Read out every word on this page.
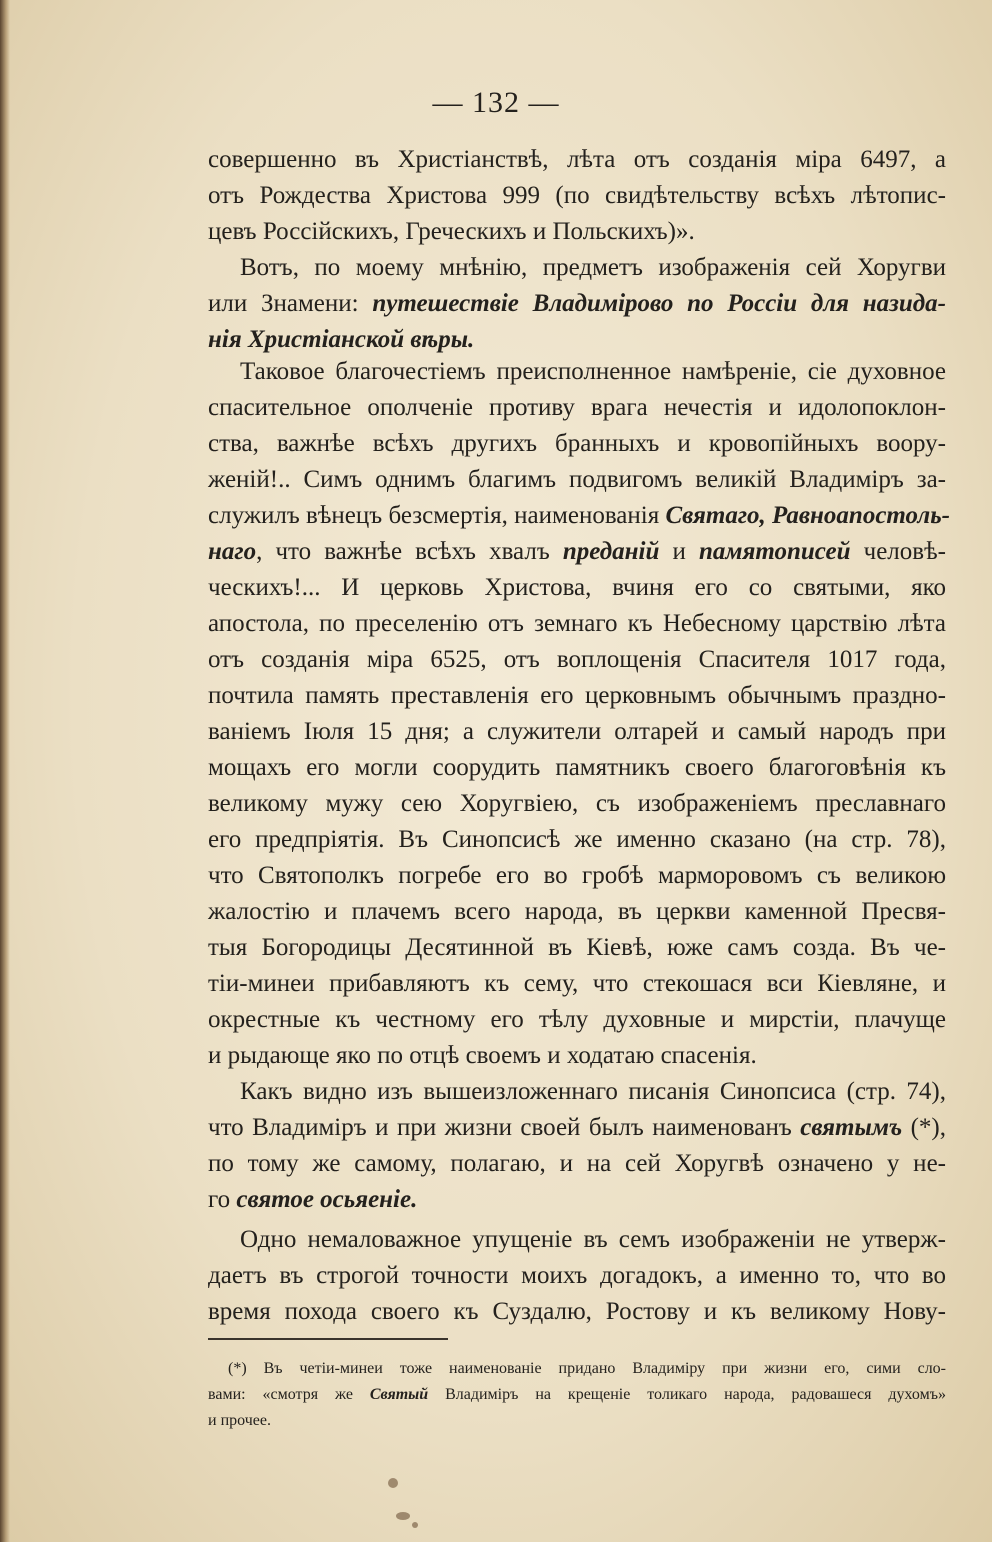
— 132 —
совершенно въ Христіанствѣ, лѣта отъ созданія міра 6497, а
отъ Рождества Христова 999 (по свидѣтельству всѣхъ лѣтопис-
цевъ Россійскихъ, Греческихъ и Польскихъ)».
Вотъ, по моему мнѣнію, предметъ изображенія сей Хоругви
или Знамени: путешествіе Владимірово по Россіи для назида-
нія Христіанской вѣры.
Таковое благочестіемъ преисполненное намѣреніе, сіе духовное
спасительное ополченіе противу врага нечестія и идолопоклон-
ства, важнѣе всѣхъ другихъ бранныхъ и кровопійныхъ воору-
женій!.. Симъ однимъ благимъ подвигомъ великій Владиміръ за-
служилъ вѣнецъ безсмертія, наименованія Святаго, Равноапостоль-
наго, что важнѣе всѣхъ хвалъ преданій и памятописей человѣ-
ческихъ!... И церковь Христова, вчиня его со святыми, яко
апостола, по преселенію отъ земнаго къ Небесному царствію лѣта
отъ созданія міра 6525, отъ воплощенія Спасителя 1017 года,
почтила память преставленія его церковнымъ обычнымъ праздно-
ваніемъ Іюля 15 дня; а служители олтарей и самый народъ при
мощахъ его могли соорудить памятникъ своего благоговѣнія къ
великому мужу сею Хоругвіею, съ изображеніемъ преславнаго
его предпріятія. Въ Синопсисѣ же именно сказано (на стр. 78),
что Святополкъ погребе его во гробѣ марморовомъ съ великою
жалостію и плачемъ всего народа, въ церкви каменной Пресвя-
тыя Богородицы Десятинной въ Кіевѣ, юже самъ созда. Въ че-
тіи-минеи прибавляютъ къ сему, что стекошася вси Кіевляне, и
окрестные къ честному его тѣлу духовные и мирстіи, плачуще
и рыдающе яко по отцѣ своемъ и ходатаю спасенія.
Какъ видно изъ вышеизложеннаго писанія Синопсиса (стр. 74),
что Владиміръ и при жизни своей былъ наименованъ святымъ (*),
по тому же самому, полагаю, и на сей Хоругвѣ означено у не-
го святое осьяеніе.
Одно немаловажное упущеніе въ семъ изображеніи не утверж-
даетъ въ строгой точности моихъ догадокъ, а именно то, что во
время похода своего къ Суздалю, Ростову и къ великому Нову-
(*) Въ четіи-минеи тоже наименованіе придано Владиміру при жизни его, сими сло-
вами: «смотря же Святый Владиміръ на крещеніе толикаго народа, радовашеся духомъ»
и прочее.
